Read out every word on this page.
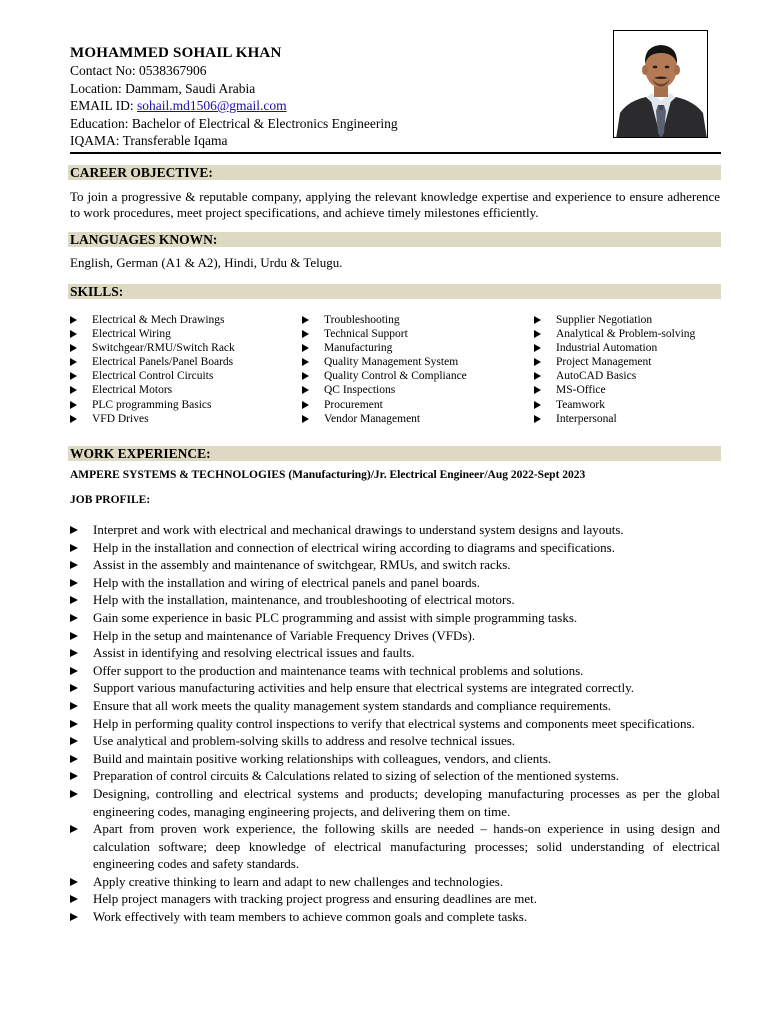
MOHAMMED SOHAIL KHAN
Contact No: 0538367906
Location: Dammam, Saudi Arabia
EMAIL ID: sohail.md1506@gmail.com
Education: Bachelor of Electrical & Electronics Engineering
IQAMA: Transferable Iqama
CAREER OBJECTIVE:
To join a progressive & reputable company, applying the relevant knowledge expertise and experience to ensure adherence to work procedures, meet project specifications, and achieve timely milestones efficiently.
LANGUAGES KNOWN:
English, German (A1 & A2), Hindi, Urdu & Telugu.
SKILLS:
Electrical & Mech Drawings
Electrical Wiring
Switchgear/RMU/Switch Rack
Electrical Panels/Panel Boards
Electrical Control Circuits
Electrical Motors
PLC programming Basics
VFD Drives
Troubleshooting
Technical Support
Manufacturing
Quality Management System
Quality Control & Compliance
QC Inspections
Procurement
Vendor Management
Supplier Negotiation
Analytical & Problem-solving
Industrial Automation
Project Management
AutoCAD Basics
MS-Office
Teamwork
Interpersonal
WORK EXPERIENCE:
AMPERE SYSTEMS & TECHNOLOGIES (Manufacturing)/Jr. Electrical Engineer/Aug 2022-Sept 2023
JOB PROFILE:
Interpret and work with electrical and mechanical drawings to understand system designs and layouts.
Help in the installation and connection of electrical wiring according to diagrams and specifications.
Assist in the assembly and maintenance of switchgear, RMUs, and switch racks.
Help with the installation and wiring of electrical panels and panel boards.
Help with the installation, maintenance, and troubleshooting of electrical motors.
Gain some experience in basic PLC programming and assist with simple programming tasks.
Help in the setup and maintenance of Variable Frequency Drives (VFDs).
Assist in identifying and resolving electrical issues and faults.
Offer support to the production and maintenance teams with technical problems and solutions.
Support various manufacturing activities and help ensure that electrical systems are integrated correctly.
Ensure that all work meets the quality management system standards and compliance requirements.
Help in performing quality control inspections to verify that electrical systems and components meet specifications.
Use analytical and problem-solving skills to address and resolve technical issues.
Build and maintain positive working relationships with colleagues, vendors, and clients.
Preparation of control circuits & Calculations related to sizing of selection of the mentioned systems.
Designing, controlling and electrical systems and products; developing manufacturing processes as per the global engineering codes, managing engineering projects, and delivering them on time.
Apart from proven work experience, the following skills are needed – hands-on experience in using design and calculation software; deep knowledge of electrical manufacturing processes; solid understanding of electrical engineering codes and safety standards.
Apply creative thinking to learn and adapt to new challenges and technologies.
Help project managers with tracking project progress and ensuring deadlines are met.
Work effectively with team members to achieve common goals and complete tasks.
